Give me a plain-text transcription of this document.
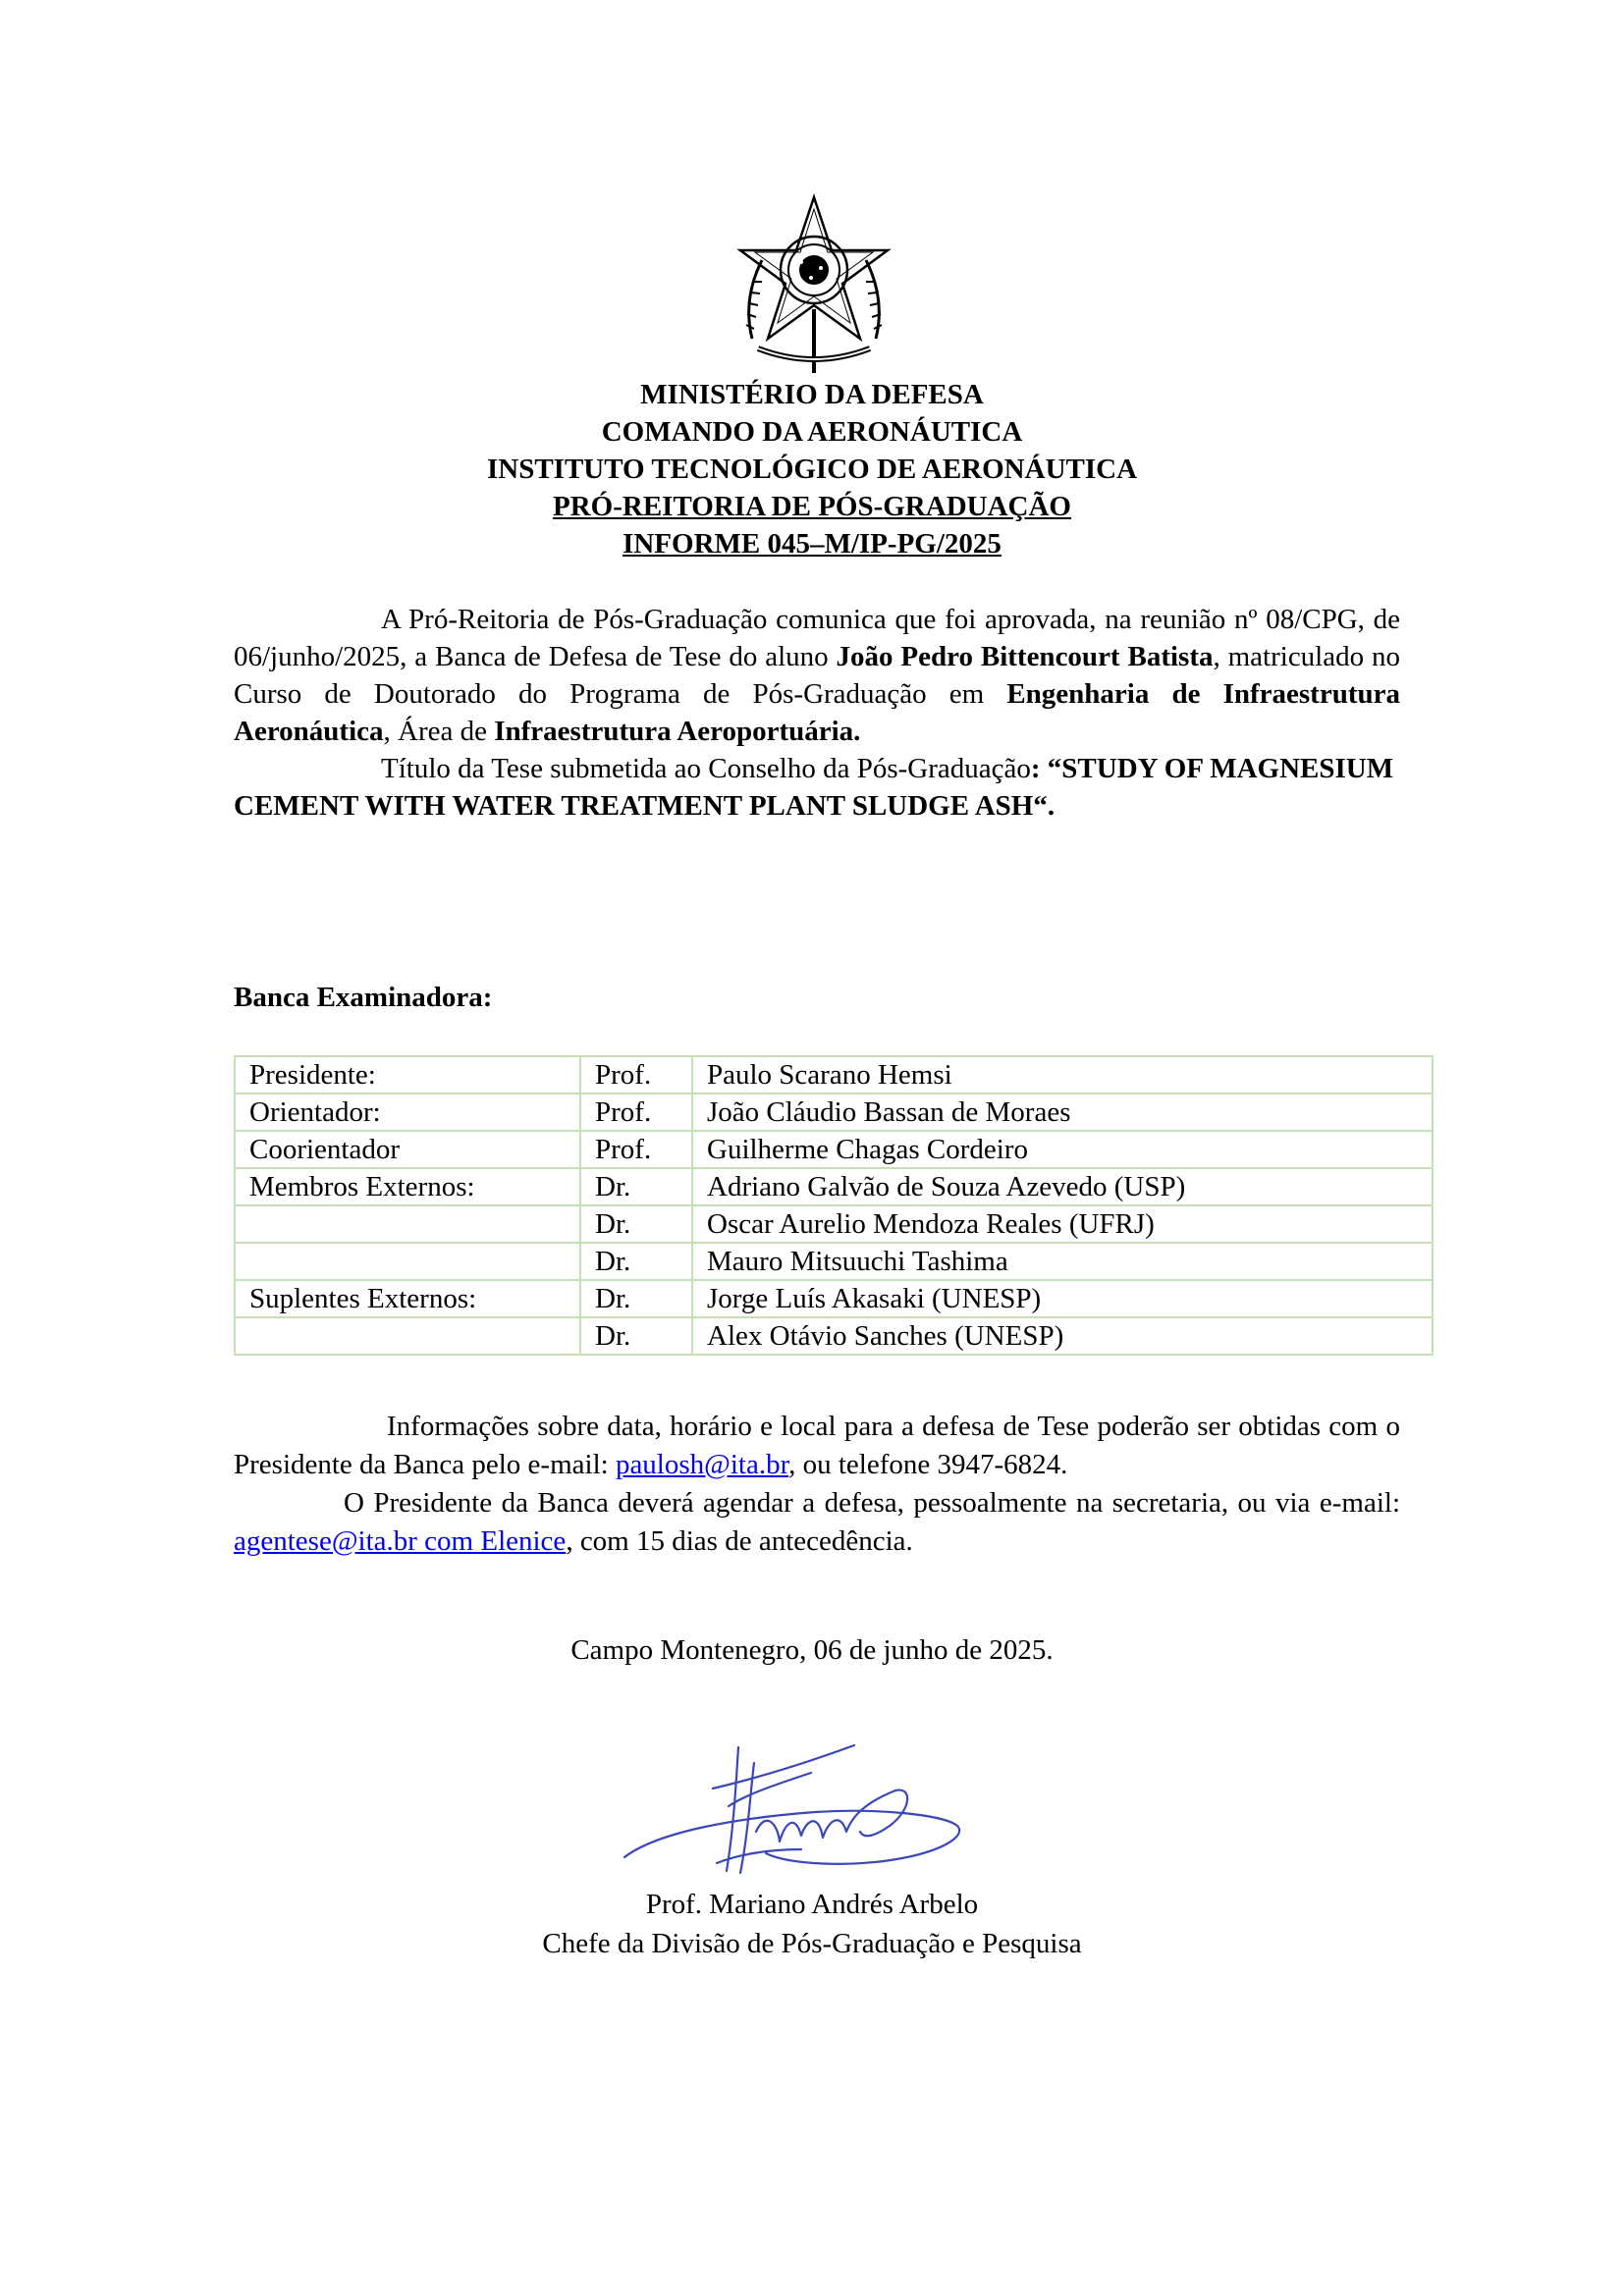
MINISTÉRIO DA DEFESA
COMANDO DA AERONÁUTICA
INSTITUTO TECNOLÓGICO DE AERONÁUTICA
PRÓ-REITORIA DE PÓS-GRADUAÇÃO
INFORME 045–M/IP-PG/2025

A Pró-Reitoria de Pós-Graduação comunica que foi aprovada, na reunião nº 08/CPG, de 06/junho/2025, a Banca de Defesa de Tese do aluno João Pedro Bittencourt Batista, matriculado no Curso de Doutorado do Programa de Pós-Graduação em Engenharia de Infraestrutura Aeronáutica, Área de Infraestrutura Aeroportuária.

Título da Tese submetida ao Conselho da Pós-Graduação: “STUDY OF MAGNESIUM CEMENT WITH WATER TREATMENT PLANT SLUDGE ASH“.

Banca Examinadora:
Presidente:	Prof.	Paulo Scarano Hemsi
Orientador:	Prof.	João Cláudio Bassan de Moraes
Coorientador	Prof.	Guilherme Chagas Cordeiro
Membros Externos:	Dr.	Adriano Galvão de Souza Azevedo (USP)
	Dr.	Oscar Aurelio Mendoza Reales (UFRJ)
	Dr.	Mauro Mitsuuchi Tashima
Suplentes Externos:	Dr.	Jorge Luís Akasaki (UNESP)
	Dr.	Alex Otávio Sanches (UNESP)

Informações sobre data, horário e local para a defesa de Tese poderão ser obtidas com o Presidente da Banca pelo e-mail: paulosh@ita.br, ou telefone 3947-6824.

O Presidente da Banca deverá agendar a defesa, pessoalmente na secretaria, ou via e-mail: agentese@ita.br com Elenice, com 15 dias de antecedência.

Campo Montenegro, 06 de junho de 2025.

Prof. Mariano Andrés Arbelo

Chefe da Divisão de Pós-Graduação e Pesquisa
